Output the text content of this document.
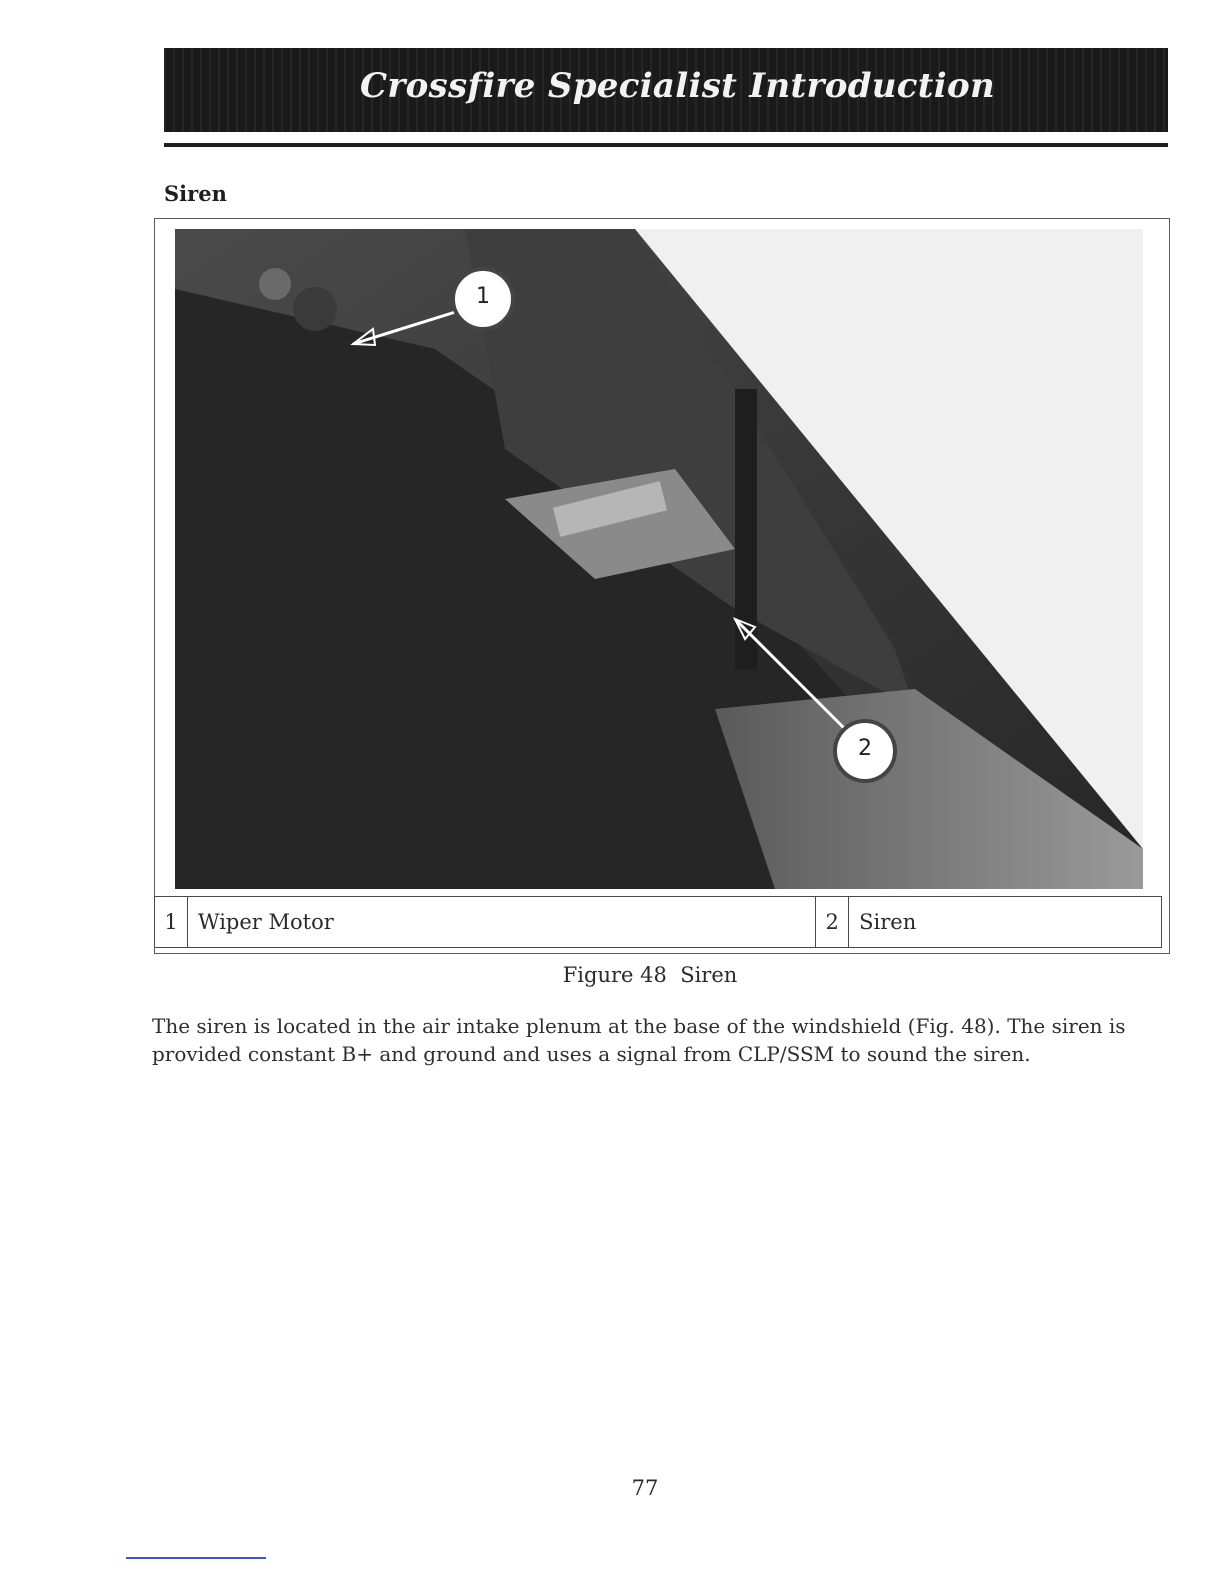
Crossfire Specialist Introduction
Siren
1
2
1	Wiper Motor	2	Siren
Figure 48  Siren
The siren is located in the air intake plenum at the base of the windshield (Fig. 48). The siren is provided constant B+ and ground and uses a signal from CLP/SSM to sound the siren.
77
